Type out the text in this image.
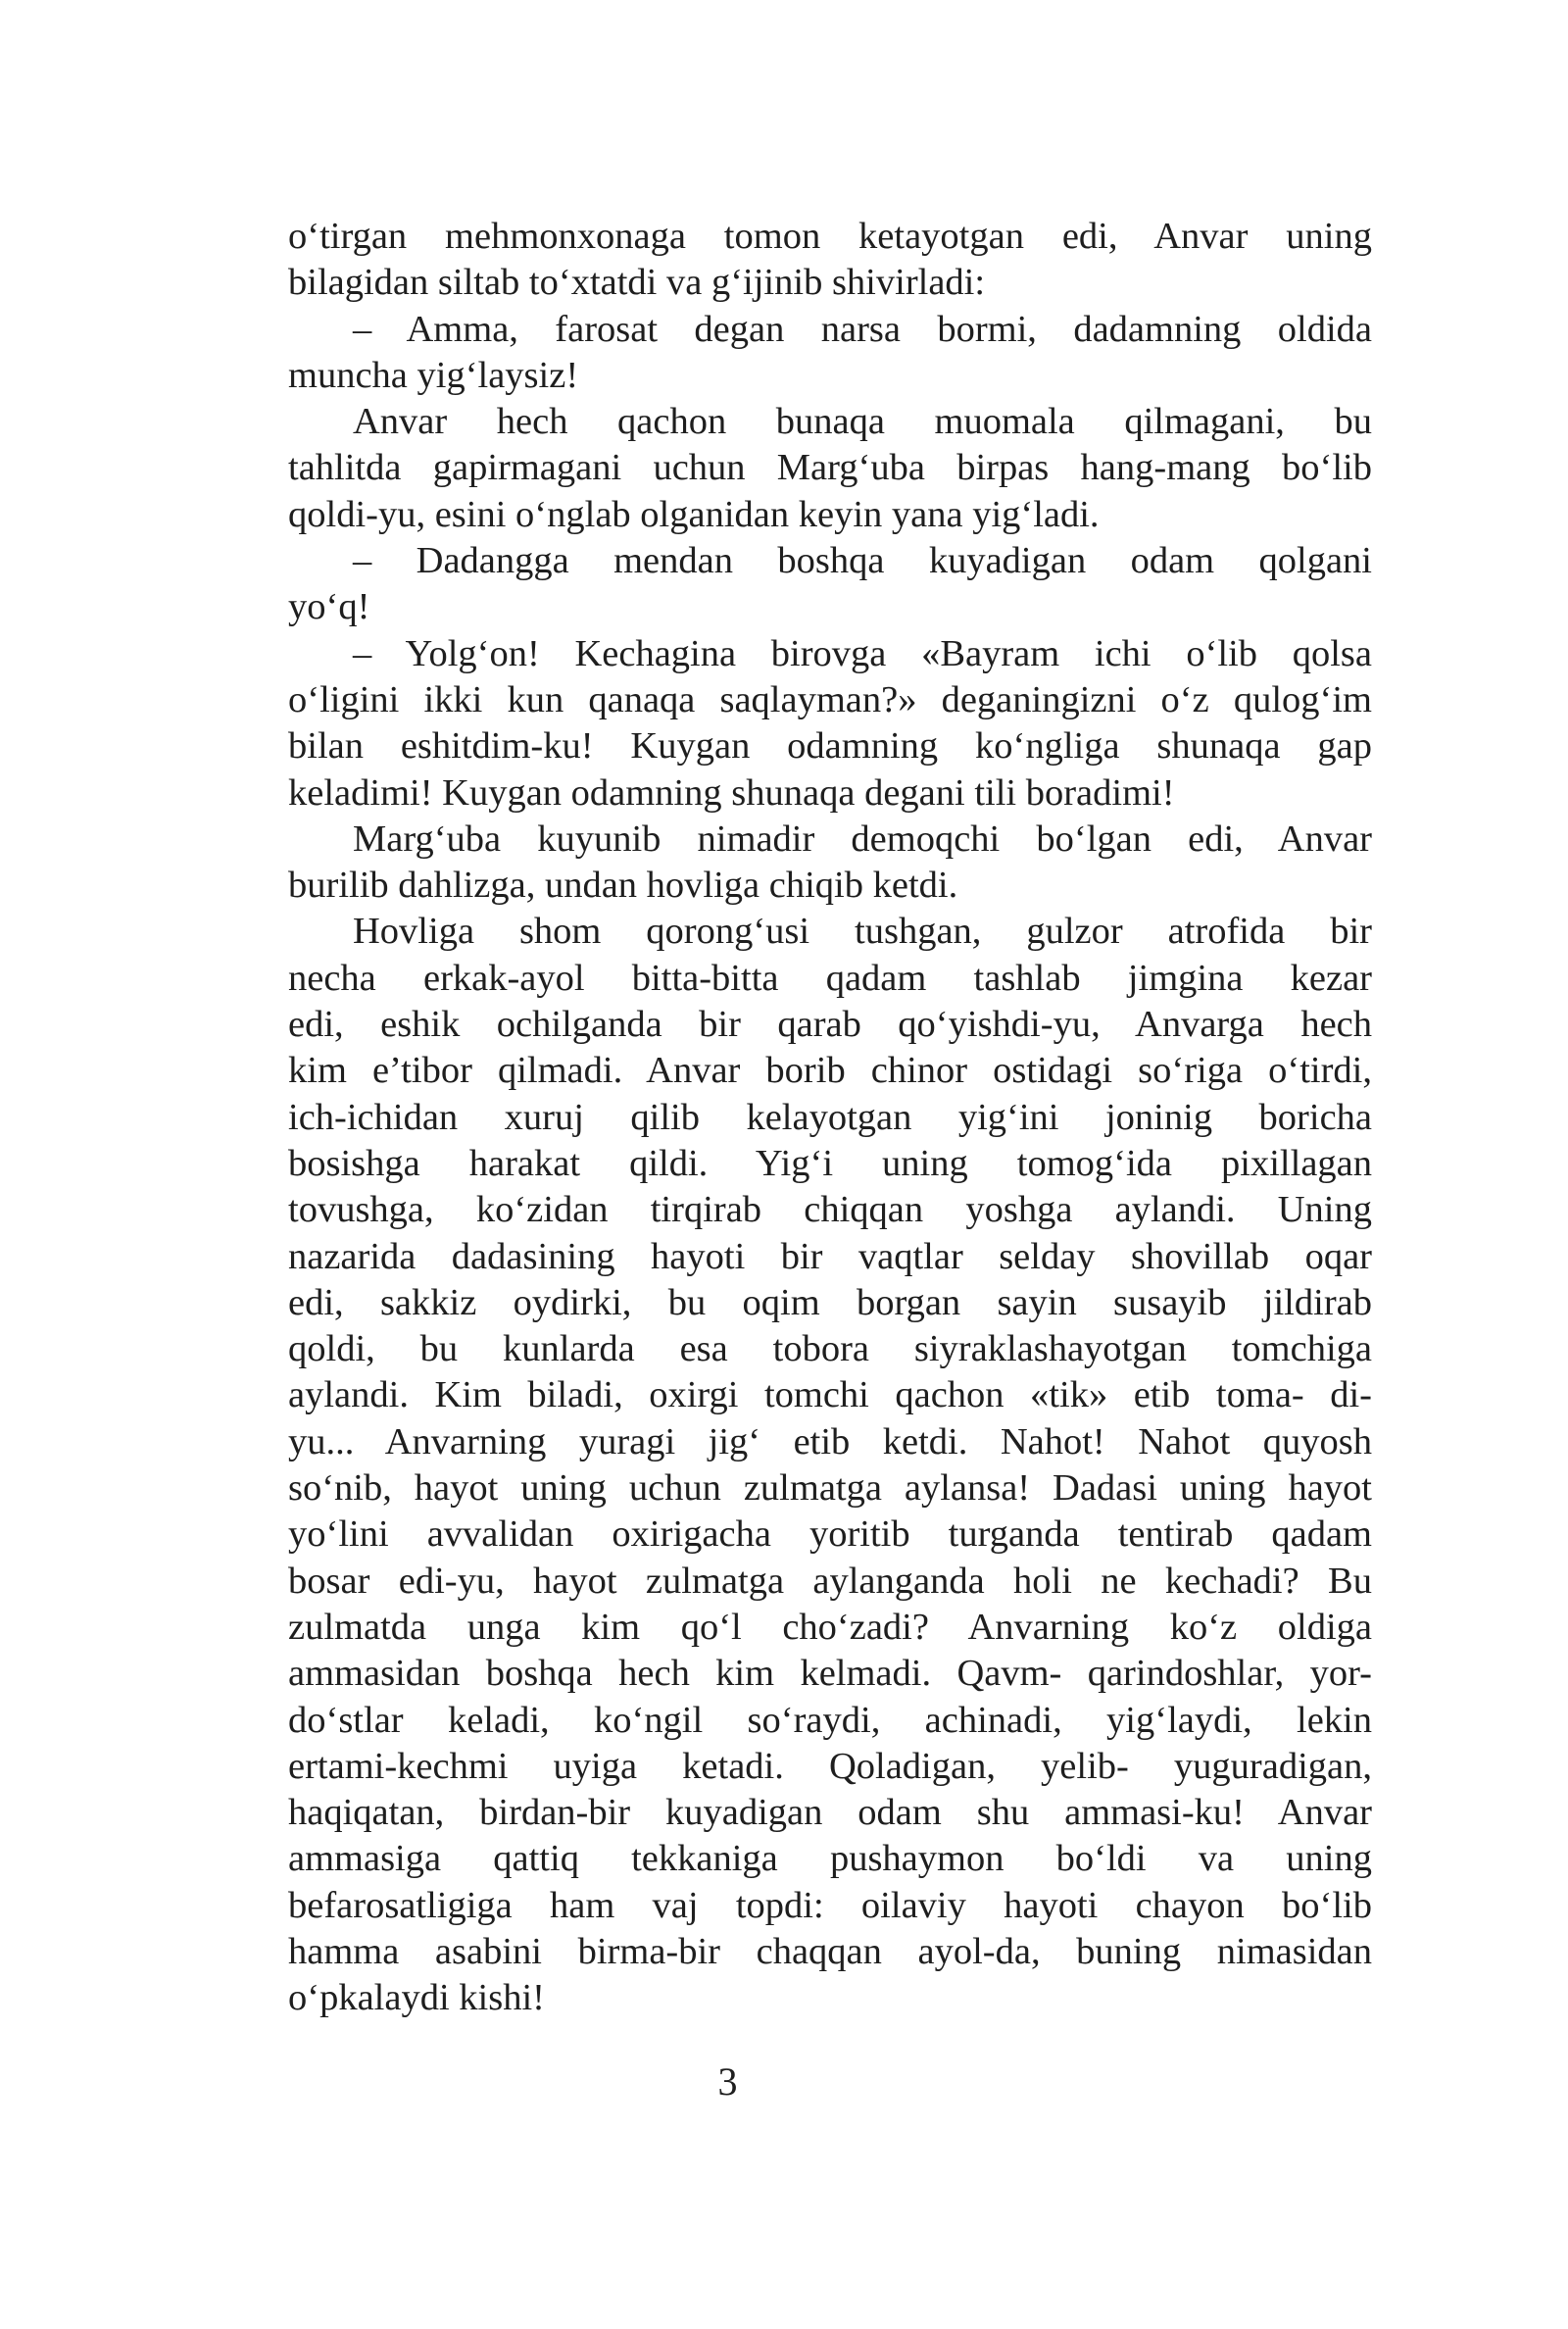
o‘tirgan mehmonxonaga tomon ketayotgan edi, Anvar uning
bilagidan siltab to‘xtatdi va g‘ijinib shivirladi:
– Amma, farosat degan narsa bormi, dadamning oldida
muncha yig‘laysiz!
Anvar hech qachon bunaqa muomala qilmagani, bu
tahlitda gapirmagani uchun Marg‘uba birpas hang-mang bo‘lib
qoldi-yu, esini o‘nglab olganidan keyin yana yig‘ladi.
– Dadangga mendan boshqa kuyadigan odam qolgani
yo‘q!
– Yolg‘on! Kechagina birovga «Bayram ichi o‘lib qolsa
o‘ligini ikki kun qanaqa saqlayman?» deganingizni o‘z qulog‘im
bilan eshitdim-ku! Kuygan odamning ko‘ngliga shunaqa gap
keladimi! Kuygan odamning shunaqa degani tili boradimi!
Marg‘uba kuyunib nimadir demoqchi bo‘lgan edi, Anvar
burilib dahlizga, undan hovliga chiqib ketdi.
Hovliga shom qorong‘usi tushgan, gulzor atrofida bir
necha erkak-ayol bitta-bitta qadam tashlab jimgina kezar
edi, eshik ochilganda bir qarab qo‘yishdi-yu, Anvarga hech
kim e’tibor qilmadi. Anvar borib chinor ostidagi so‘riga o‘tirdi,
ich-ichidan xuruj qilib kelayotgan yig‘ini joninig boricha
bosishga harakat qildi. Yig‘i uning tomog‘ida pixillagan
tovushga, ko‘zidan tirqirab chiqqan yoshga aylandi. Uning
nazarida dadasining hayoti bir vaqtlar selday shovillab oqar
edi, sakkiz oydirki, bu oqim borgan sayin susayib jildirab
qoldi, bu kunlarda esa tobora siyraklashayotgan tomchiga
aylandi. Kim biladi, oxirgi tomchi qachon «tik» etib toma- di-
yu... Anvarning yuragi jig‘ etib ketdi. Nahot! Nahot quyosh
so‘nib, hayot uning uchun zulmatga aylansa! Dadasi uning hayot
yo‘lini avvalidan oxirigacha yoritib turganda tentirab qadam
bosar edi-yu, hayot zulmatga aylanganda holi ne kechadi? Bu
zulmatda unga kim qo‘l cho‘zadi? Anvarning ko‘z oldiga
ammasidan boshqa hech kim kelmadi. Qavm- qarindoshlar, yor-
do‘stlar keladi, ko‘ngil so‘raydi, achinadi, yig‘laydi, lekin
ertami-kechmi uyiga ketadi. Qoladigan, yelib- yuguradigan,
haqiqatan, birdan-bir kuyadigan odam shu ammasi-ku! Anvar
ammasiga qattiq tekkaniga pushaymon bo‘ldi va uning
befarosatligiga ham vaj topdi: oilaviy hayoti chayon bo‘lib
hamma asabini birma-bir chaqqan ayol-da, buning nimasidan
o‘pkalaydi kishi!
3
